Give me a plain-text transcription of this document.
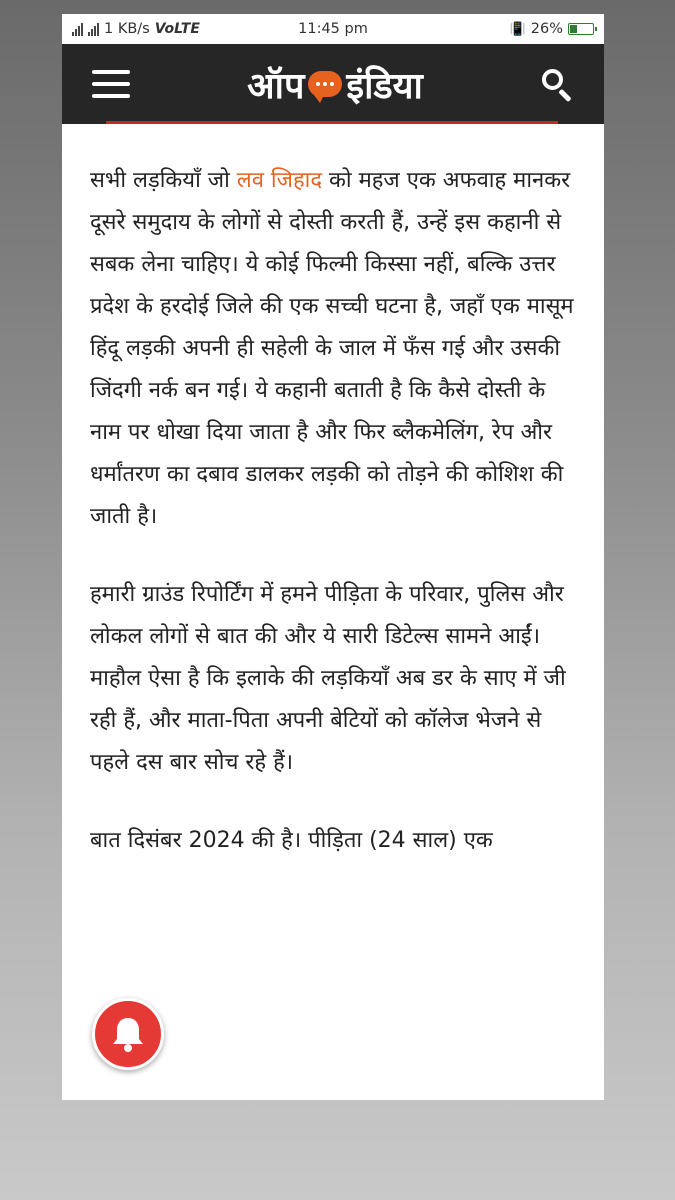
1 KB/s VoLTE	11:45 pm	📳 26%
ऑप इंडिया

सभी लड़कियाँ जो लव जिहाद को महज एक अफवाह मानकर दूसरे समुदाय के लोगों से दोस्ती करती हैं, उन्हें इस कहानी से सबक लेना चाहिए। ये कोई फिल्मी किस्सा नहीं, बल्कि उत्तर प्रदेश के हरदोई जिले की एक सच्ची घटना है, जहाँ एक मासूम हिंदू लड़की अपनी ही सहेली के जाल में फँस गई और उसकी जिंदगी नर्क बन गई। ये कहानी बताती है कि कैसे दोस्ती के नाम पर धोखा दिया जाता है और फिर ब्लैकमेलिंग, रेप और धर्मांतरण का दबाव डालकर लड़की को तोड़ने की कोशिश की जाती है।

हमारी ग्राउंड रिपोर्टिंग में हमने पीड़िता के परिवार, पुलिस और लोकल लोगों से बात की और ये सारी डिटेल्स सामने आईं। माहौल ऐसा है कि इलाके की लड़कियाँ अब डर के साए में जी रही हैं, और माता-पिता अपनी बेटियों को कॉलेज भेजने से पहले दस बार सोच रहे हैं।

बात दिसंबर 2024 की है। पीड़िता (24 साल) एक
